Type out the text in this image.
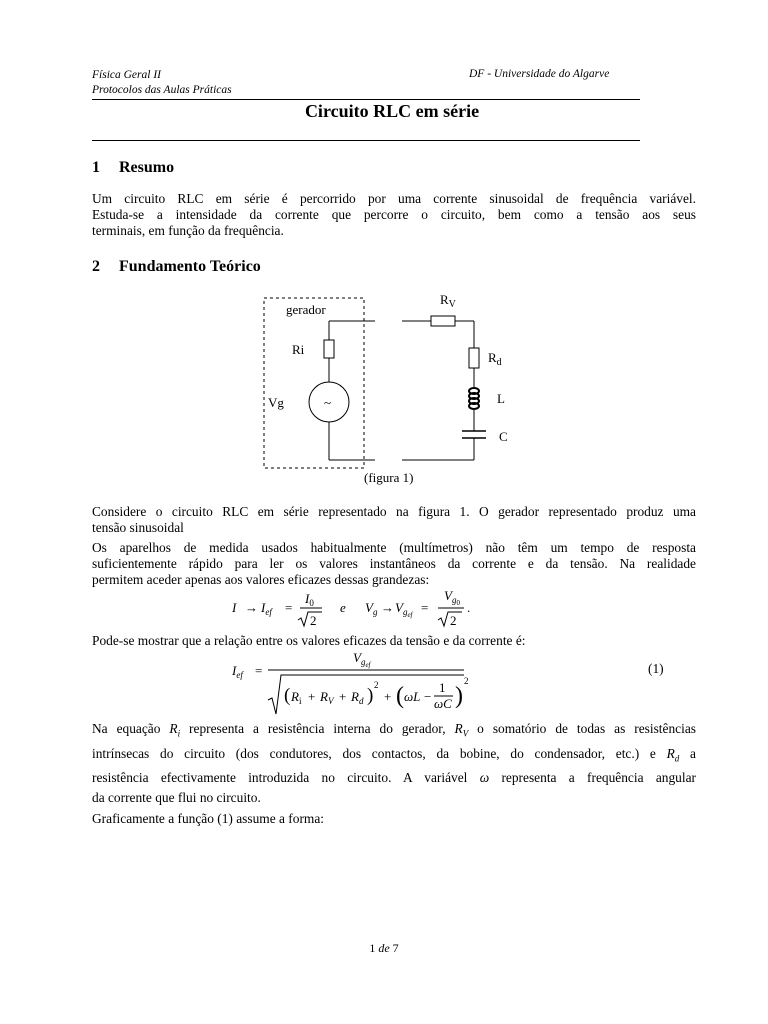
Física Geral II
Protocolos das Aulas Práticas
DF - Universidade do Algarve
Circuito RLC em série
1 Resumo
Um circuito RLC em série é percorrido por uma corrente sinusoidal de frequência variável.
Estuda-se a intensidade da corrente que percorre o circuito, bem como a tensão aos seus
terminais, em função da frequência.
2 Fundamento Teórico
gerador
Ri
~
Vg
$R_V$
$R_d$
L
C
(figura 1)
Considere o circuito RLC em série representado na figura 1. O gerador representado produz uma
tensão sinusoidal
Os aparelhos de medida usados habitualmente (multímetros) não têm um tempo de resposta
suficientemente rápido para ler os valores instantâneos da corrente e da tensão. Na realidade
permitem aceder apenas aos valores eficazes dessas grandezas:
$I \to I_{ef}$ =
$I_0$
2
e $V_g \to V_gef$ =
$V_g0$
2
.
Pode-se mostrar que a relação entre os valores eficazes da tensão e da corrente é:
$I_{ef}$ =
$V_gef$
( $R_i + R_V + R_d$ ) 2
+ ( ωL −
1
ωC )
2
(1)
Na equação $R_i$ representa a resistência interna do gerador, $R_V$ o somatório de todas as resistências
intrínsecas do circuito (dos condutores, dos contactos, da bobine, do condensador, etc.) e $R_d$ a
resistência efectivamente introduzida no circuito. A variável ω representa a frequência angular
da corrente que flui no circuito.
Graficamente a função (1) assume a forma:
1 de 7
